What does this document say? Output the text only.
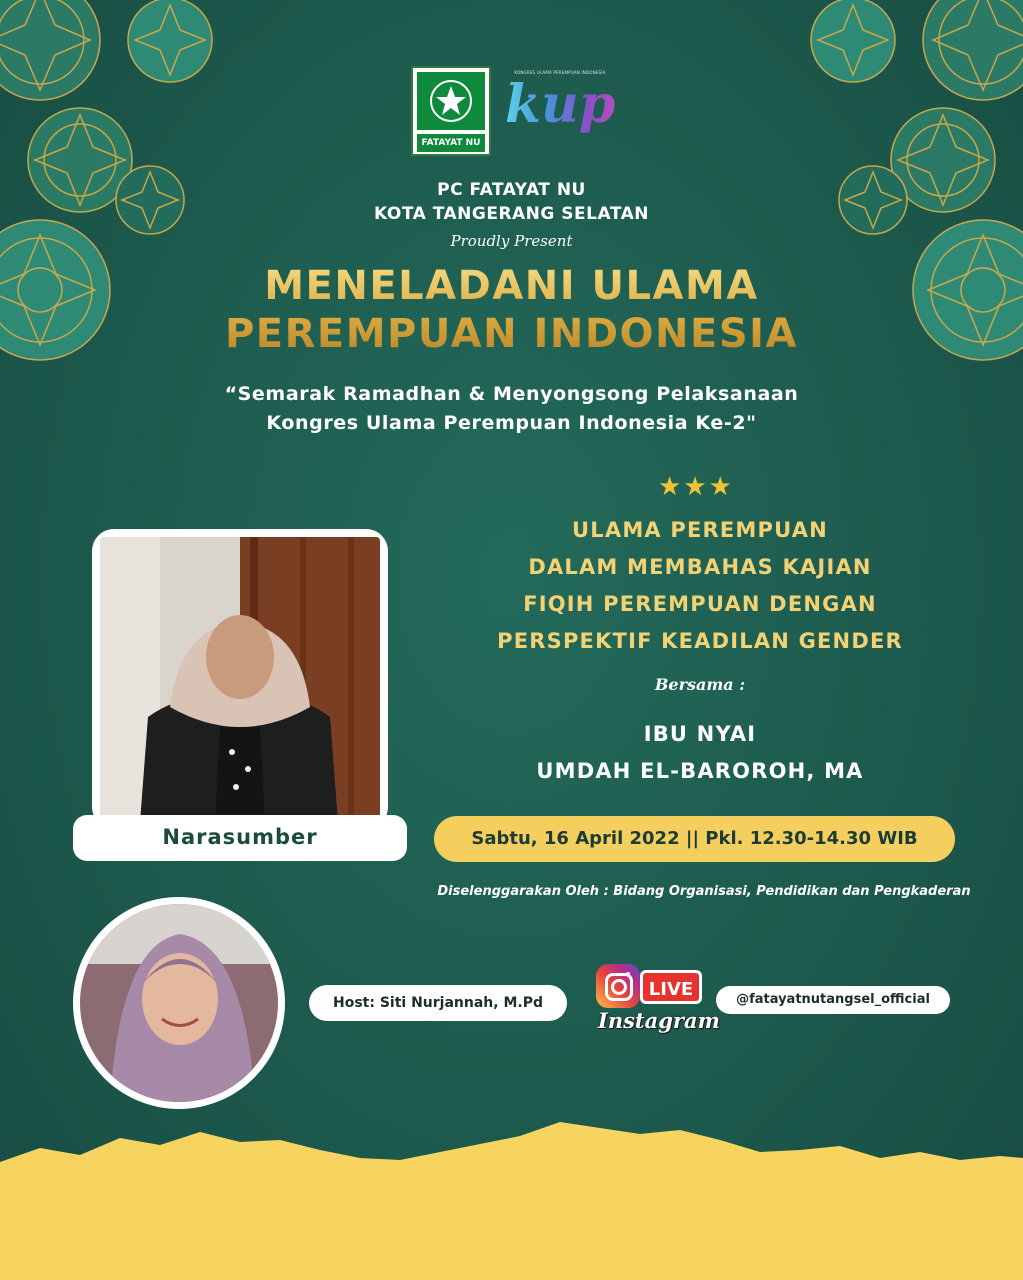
FATAYAT NU
KONGRES ULAMA PEREMPUAN INDONESIA
kupi
PC FATAYAT NU
KOTA TANGERANG SELATAN
Proudly Present
MENELADANI ULAMA
PEREMPUAN INDONESIA
“Semarak Ramadhan & Menyongsong Pelaksanaan
Kongres Ulama Perempuan Indonesia Ke-2"
★★★
ULAMA PEREMPUAN
DALAM MEMBAHAS KAJIAN
FIQIH PEREMPUAN DENGAN
PERSPEKTIF KEADILAN GENDER
Bersama :
IBU NYAI
UMDAH EL-BAROROH, MA
Narasumber	Sabtu, 16 April 2022 || Pkl. 12.30-14.30 WIB
Diselenggarakan Oleh : Bidang Organisasi, Pendidikan dan Pengkaderan
Host: Siti Nurjannah, M.Pd
LIVE
Instagram
@fatayatnutangsel_official
